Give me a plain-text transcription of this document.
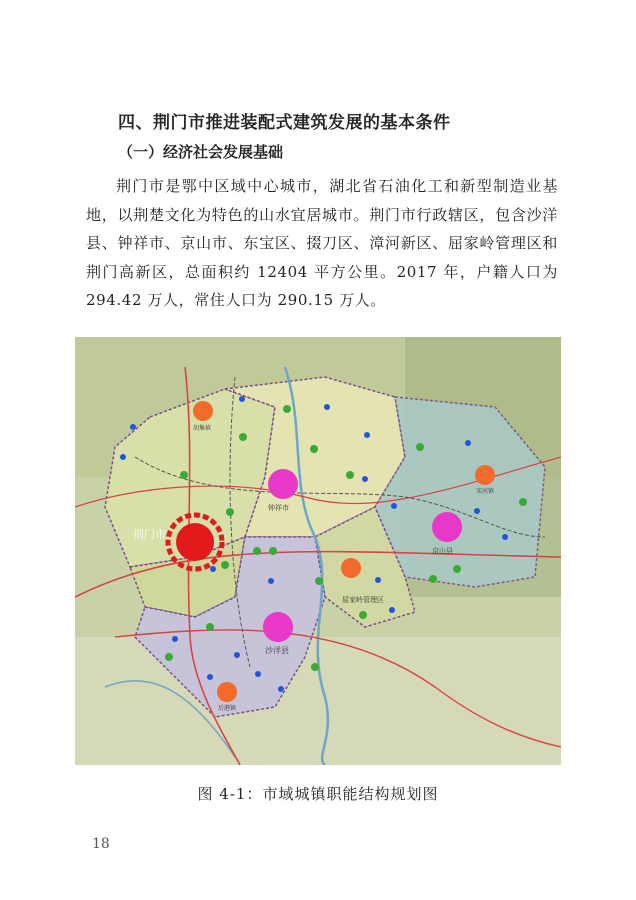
四、荆门市推进装配式建筑发展的基本条件
（一）经济社会发展基础
荆门市是鄂中区域中心城市，湖北省石油化工和新型制造业基地，以荆楚文化为特色的山水宜居城市。荆门市行政辖区，包含沙洋县、钟祥市、京山市、东宝区、掇刀区、漳河新区、屈家岭管理区和荆门高新区，总面积约 12404 平方公里。2017 年，户籍人口为 294.42 万人，常住人口为 290.15 万人。
荆门市
钟祥市
京山县
沙洋县
胡集镇
宋河镇
屈家岭管理区
后港镇
图 4-1：市域城镇职能结构规划图
18
